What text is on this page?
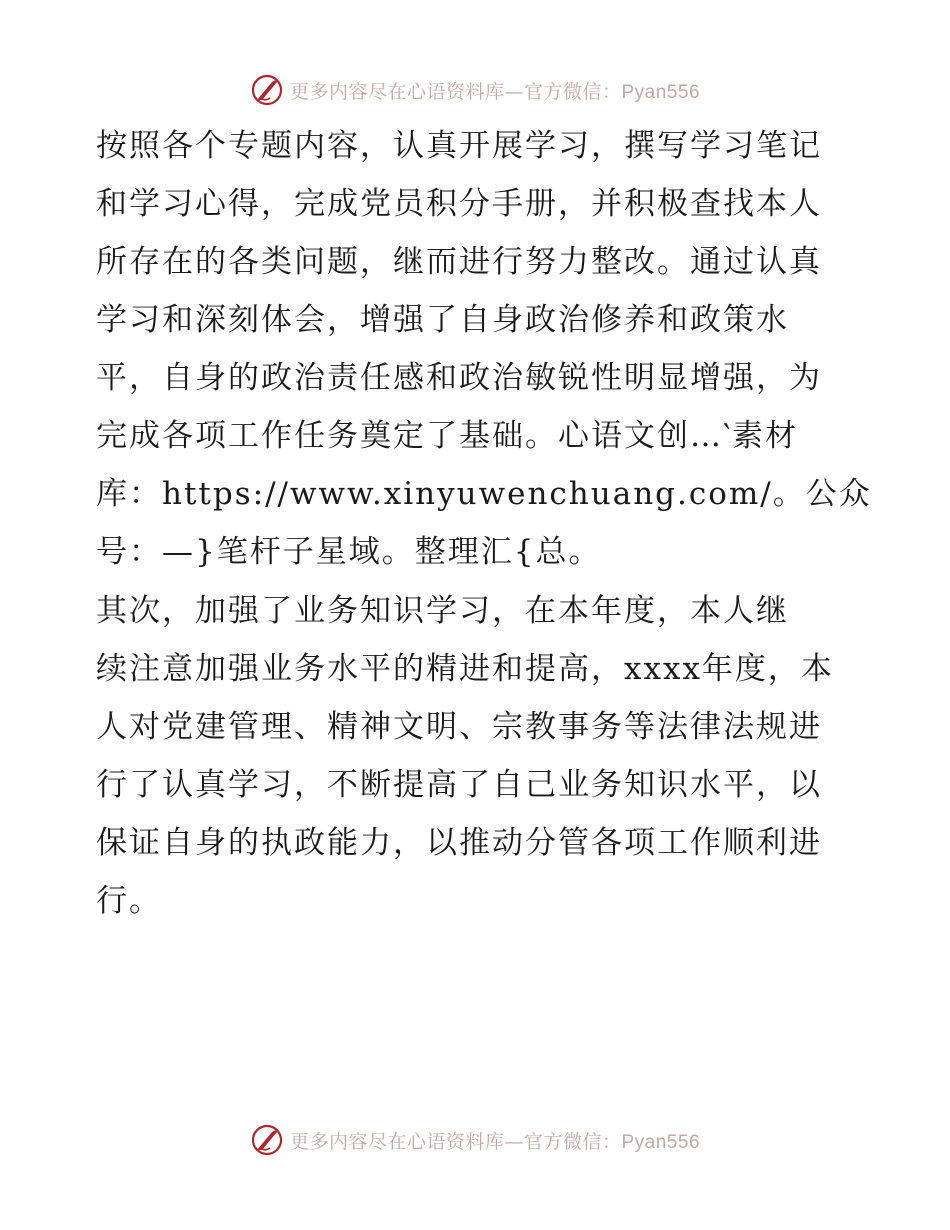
更多内容尽在心语资料库—官方微信：Pyan556
按照各个专题内容，认真开展学习，撰写学习笔记
和学习心得，完成党员积分手册，并积极查找本人
所存在的各类问题，继而进行努力整改。通过认真
学习和深刻体会，增强了自身政治修养和政策水
平，自身的政治责任感和政治敏锐性明显增强，为
完成各项工作任务奠定了基础。心语文创…‵素材
库：https://www.xinyuwenchuang.com/。公众
号：—}笔杆子星域。整理汇{总。
其次，加强了业务知识学习，在本年度，本人继
续注意加强业务水平的精进和提高，xxxx年度，本
人对党建管理、精神文明、宗教事务等法律法规进
行了认真学习，不断提高了自己业务知识水平，以
保证自身的执政能力，以推动分管各项工作顺利进
行。
更多内容尽在心语资料库—官方微信：Pyan556
